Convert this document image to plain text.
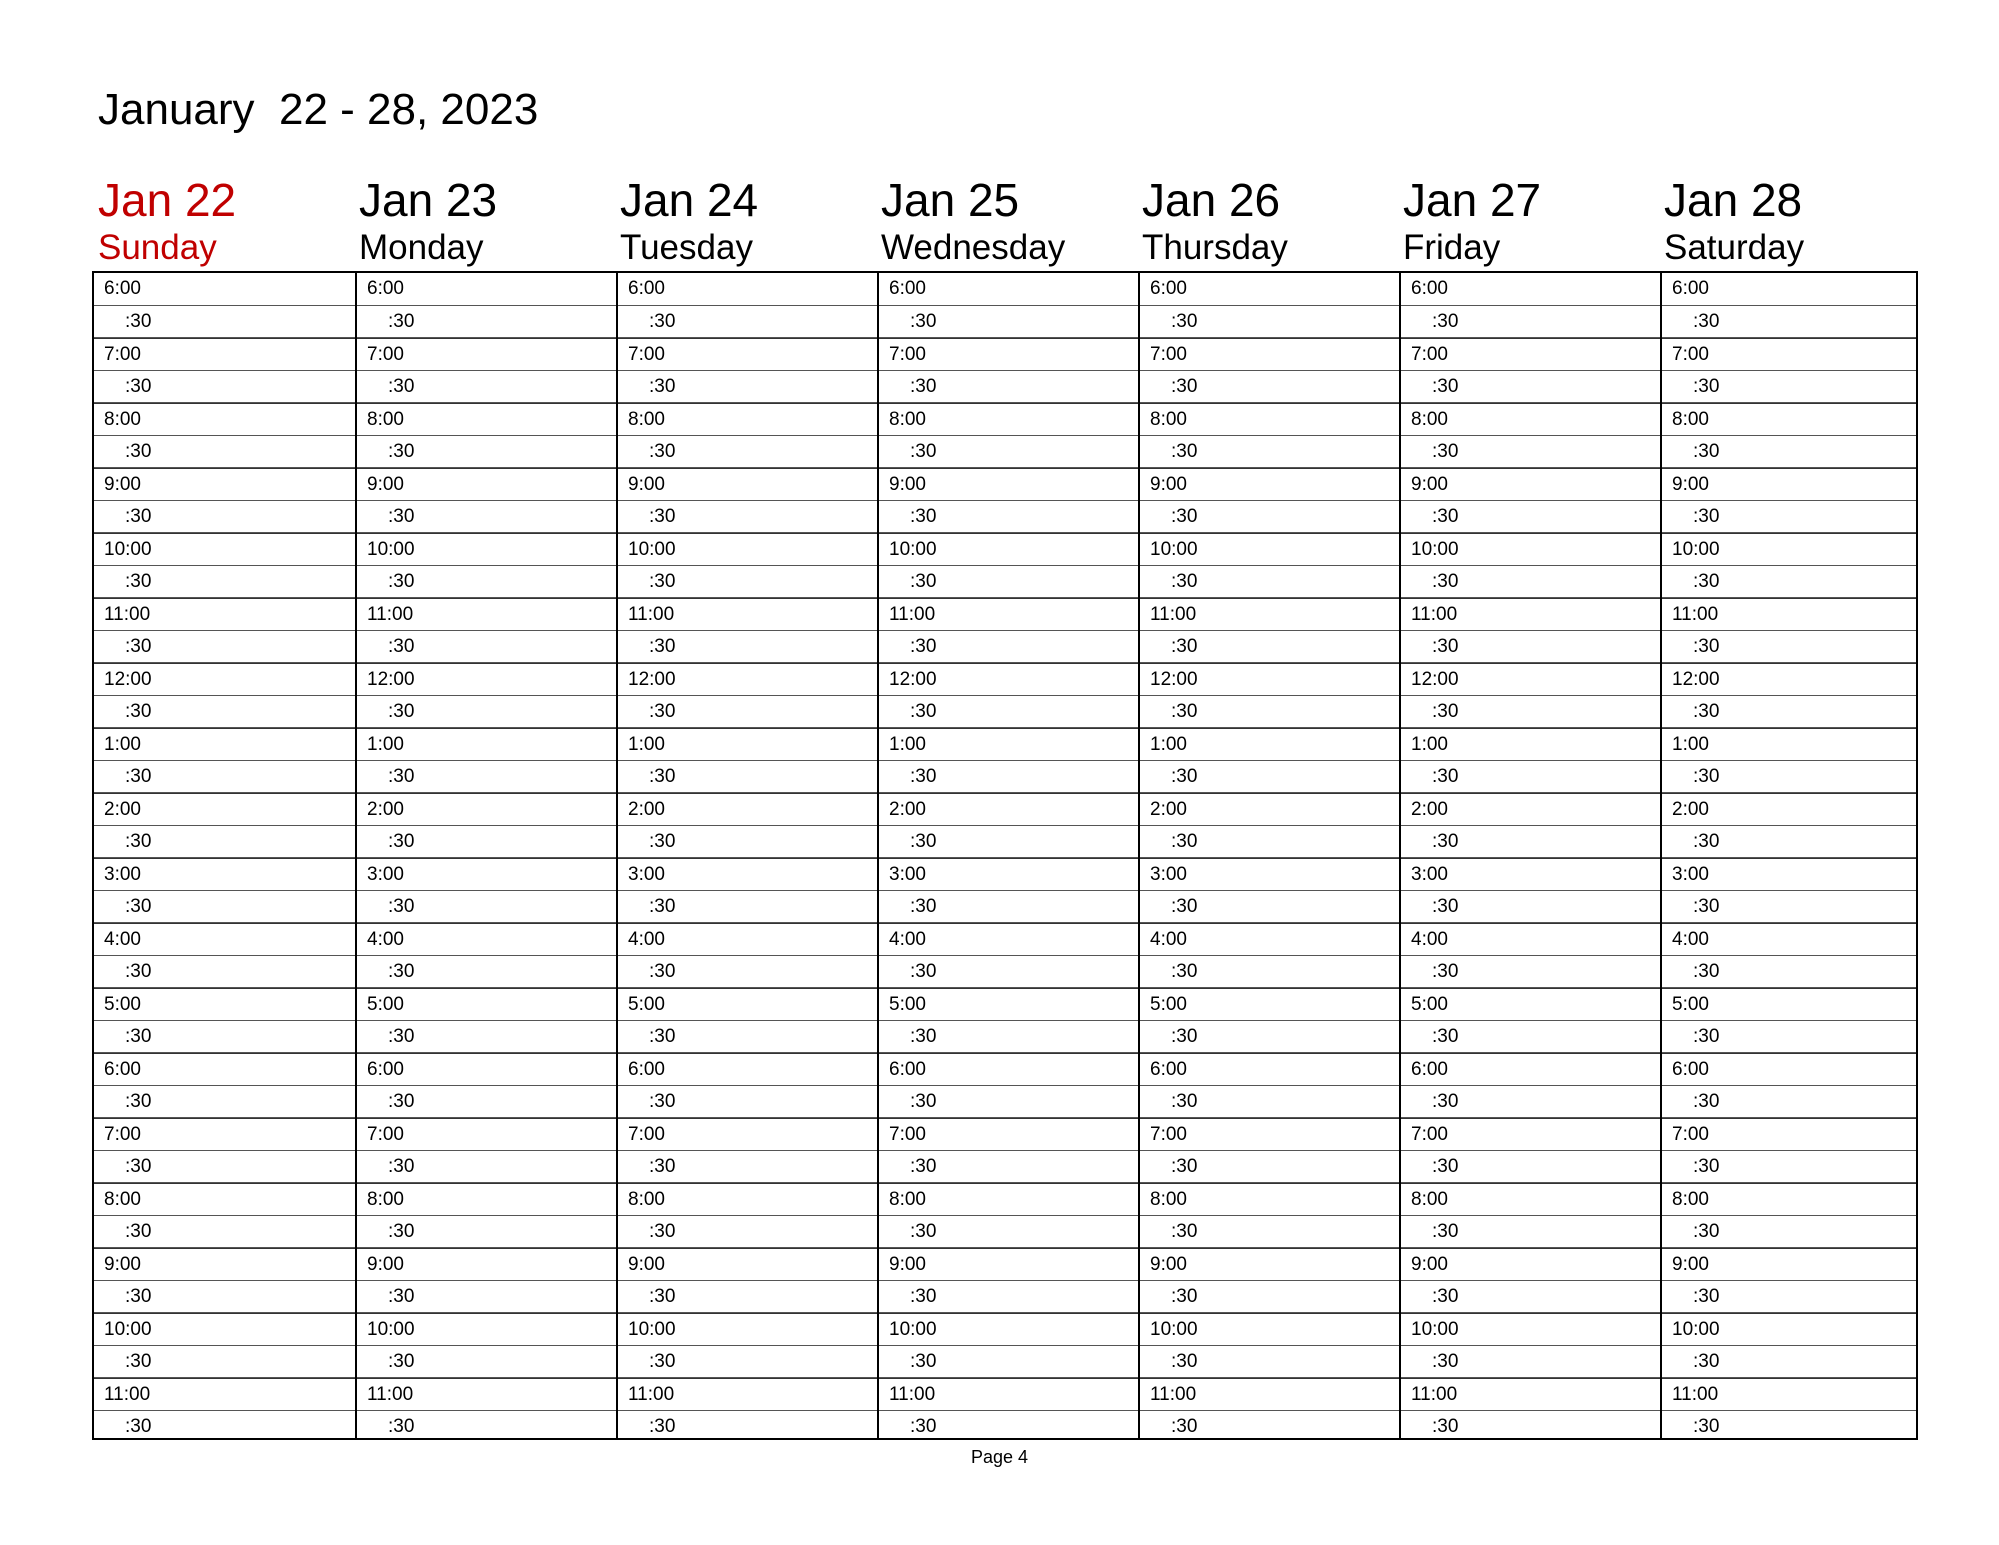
January  22 - 28, 2023
Jan 22
Sunday
Jan 23
Monday
Jan 24
Tuesday
Jan 25
Wednesday
Jan 26
Thursday
Jan 27
Friday
Jan 28
Saturday
6:00
:30
7:00
:30
8:00
:30
9:00
:30
10:00
:30
11:00
:30
12:00
:30
1:00
:30
2:00
:30
3:00
:30
4:00
:30
5:00
:30
6:00
:30
7:00
:30
8:00
:30
9:00
:30
10:00
:30
11:00
:30
6:00
:30
7:00
:30
8:00
:30
9:00
:30
10:00
:30
11:00
:30
12:00
:30
1:00
:30
2:00
:30
3:00
:30
4:00
:30
5:00
:30
6:00
:30
7:00
:30
8:00
:30
9:00
:30
10:00
:30
11:00
:30
6:00
:30
7:00
:30
8:00
:30
9:00
:30
10:00
:30
11:00
:30
12:00
:30
1:00
:30
2:00
:30
3:00
:30
4:00
:30
5:00
:30
6:00
:30
7:00
:30
8:00
:30
9:00
:30
10:00
:30
11:00
:30
6:00
:30
7:00
:30
8:00
:30
9:00
:30
10:00
:30
11:00
:30
12:00
:30
1:00
:30
2:00
:30
3:00
:30
4:00
:30
5:00
:30
6:00
:30
7:00
:30
8:00
:30
9:00
:30
10:00
:30
11:00
:30
6:00
:30
7:00
:30
8:00
:30
9:00
:30
10:00
:30
11:00
:30
12:00
:30
1:00
:30
2:00
:30
3:00
:30
4:00
:30
5:00
:30
6:00
:30
7:00
:30
8:00
:30
9:00
:30
10:00
:30
11:00
:30
6:00
:30
7:00
:30
8:00
:30
9:00
:30
10:00
:30
11:00
:30
12:00
:30
1:00
:30
2:00
:30
3:00
:30
4:00
:30
5:00
:30
6:00
:30
7:00
:30
8:00
:30
9:00
:30
10:00
:30
11:00
:30
6:00
:30
7:00
:30
8:00
:30
9:00
:30
10:00
:30
11:00
:30
12:00
:30
1:00
:30
2:00
:30
3:00
:30
4:00
:30
5:00
:30
6:00
:30
7:00
:30
8:00
:30
9:00
:30
10:00
:30
11:00
:30
Page 4
